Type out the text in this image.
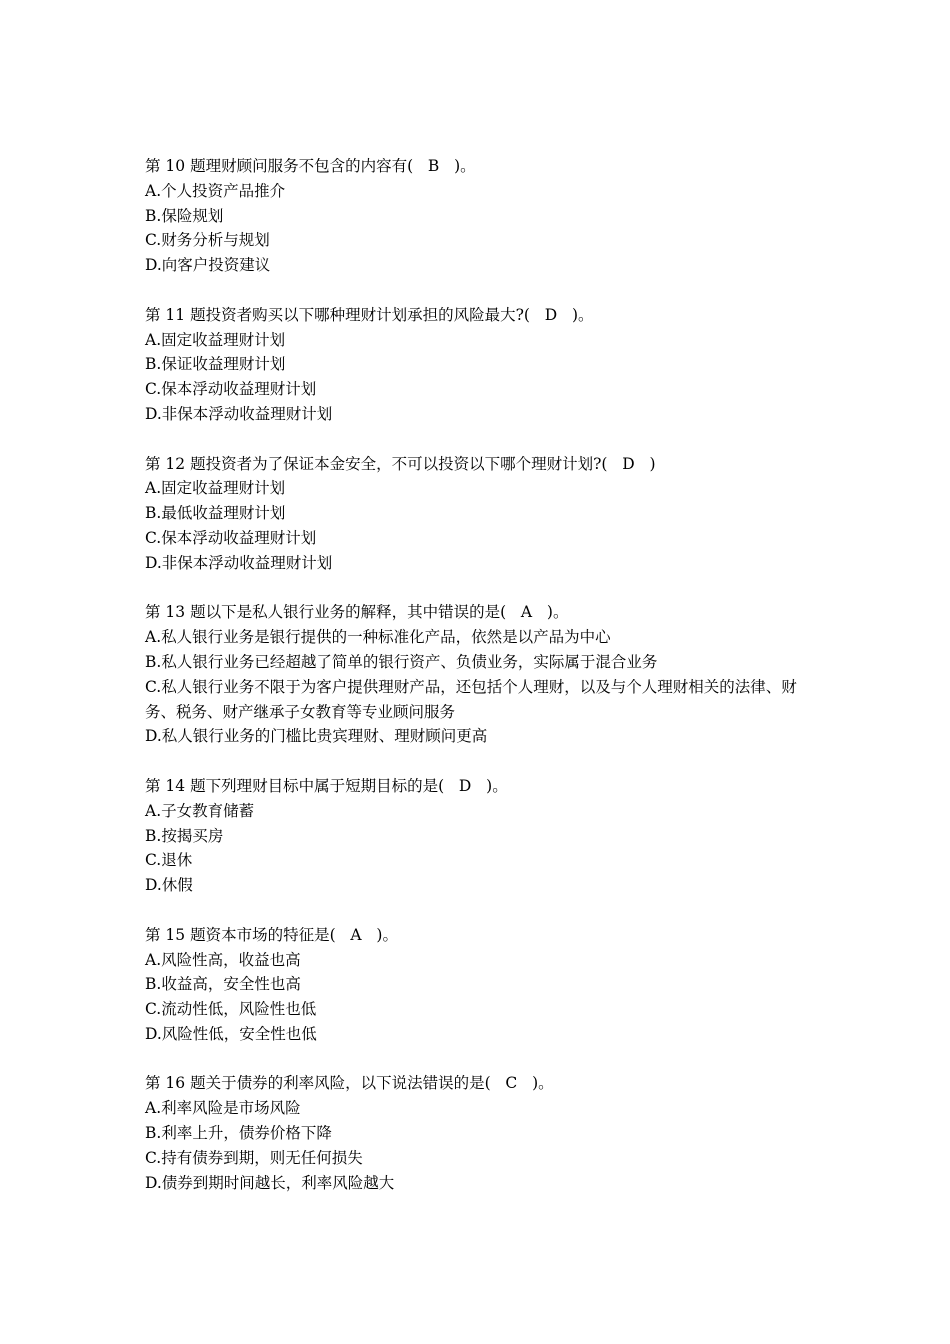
第 10 题理财顾问服务不包含的内容有( B )。
A.个人投资产品推介
B.保险规划
C.财务分析与规划
D.向客户投资建议
第 11 题投资者购买以下哪种理财计划承担的风险最大?( D )。
A.固定收益理财计划
B.保证收益理财计划
C.保本浮动收益理财计划
D.非保本浮动收益理财计划
第 12 题投资者为了保证本金安全，不可以投资以下哪个理财计划?( D )
A.固定收益理财计划
B.最低收益理财计划
C.保本浮动收益理财计划
D.非保本浮动收益理财计划
第 13 题以下是私人银行业务的解释，其中错误的是( A )。
A.私人银行业务是银行提供的一种标准化产品，依然是以产品为中心
B.私人银行业务已经超越了简单的银行资产、负债业务，实际属于混合业务
C.私人银行业务不限于为客户提供理财产品，还包括个人理财，以及与个人理财相关的法律、财务、税务、财产继承子女教育等专业顾问服务
D.私人银行业务的门槛比贵宾理财、理财顾问更高
第 14 题下列理财目标中属于短期目标的是( D )。
A.子女教育储蓄
B.按揭买房
C.退休
D.休假
第 15 题资本市场的特征是( A )。
A.风险性高，收益也高
B.收益高，安全性也高
C.流动性低，风险性也低
D.风险性低，安全性也低
第 16 题关于债券的利率风险，以下说法错误的是( C )。
A.利率风险是市场风险
B.利率上升，债券价格下降
C.持有债券到期，则无任何损失
D.债券到期时间越长，利率风险越大
